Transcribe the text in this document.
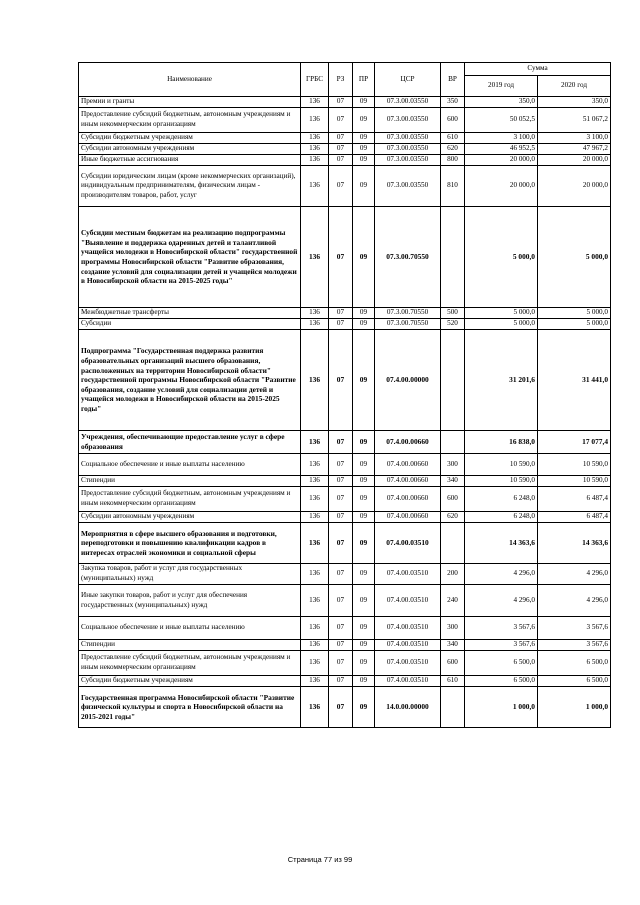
Наименование	ГРБС	РЗ	ПР	ЦСР	ВР	Сумма	
						2019 год	2020 год
Премии и гранты	136	07	09	07.3.00.03550	350	350,0	350,0
Предоставление субсидий бюджетным, автономным учреждениям и иным некоммерческим организациям	136	07	09	07.3.00.03550	600	50 052,5	51 067,2
Субсидии бюджетным учреждениям	136	07	09	07.3.00.03550	610	3 100,0	3 100,0
Субсидии автономным учреждениям	136	07	09	07.3.00.03550	620	46 952,5	47 967,2
Иные бюджетные ассигнования	136	07	09	07.3.00.03550	800	20 000,0	20 000,0
Субсидии юридическим лицам (кроме некоммерческих организаций), индивидуальным предпринимателям, физическим лицам - производителям товаров, работ, услуг	136	07	09	07.3.00.03550	810	20 000,0	20 000,0
Субсидии местным бюджетам на реализацию подпрограммы "Выявление и поддержка одаренных детей и талантливой учащейся молодежи в Новосибирской области" государственной программы Новосибирской области "Развитие образования, создание условий для социализации детей и учащейся молодежи в Новосибирской области на 2015-2025 годы"	136	07	09	07.3.00.70550		5 000,0	5 000,0
Межбюджетные трансферты	136	07	09	07.3.00.70550	500	5 000,0	5 000,0
Субсидии	136	07	09	07.3.00.70550	520	5 000,0	5 000,0
Подпрограмма "Государственная поддержка развития образовательных организаций высшего образования, расположенных на территории Новосибирской области" государственной программы Новосибирской области "Развитие образования, создание условий для социализации детей и учащейся молодежи в Новосибирской области на 2015-2025 годы"	136	07	09	07.4.00.00000		31 201,6	31 441,0
Учреждения, обеспечивающие предоставление услуг в сфере образования	136	07	09	07.4.00.00660		16 838,0	17 077,4
Социальное обеспечение и иные выплаты населению	136	07	09	07.4.00.00660	300	10 590,0	10 590,0
Стипендии	136	07	09	07.4.00.00660	340	10 590,0	10 590,0
Предоставление субсидий бюджетным, автономным учреждениям и иным некоммерческим организациям	136	07	09	07.4.00.00660	600	6 248,0	6 487,4
Субсидии автономным учреждениям	136	07	09	07.4.00.00660	620	6 248,0	6 487,4
Мероприятия в сфере высшего образования и подготовки, переподготовки и повышению квалификации кадров в интересах отраслей экономики и социальной сферы	136	07	09	07.4.00.03510		14 363,6	14 363,6
Закупка товаров, работ и услуг для государственных (муниципальных) нужд	136	07	09	07.4.00.03510	200	4 296,0	4 296,0
Иные закупки товаров, работ и услуг для обеспечения государственных (муниципальных) нужд	136	07	09	07.4.00.03510	240	4 296,0	4 296,0
Социальное обеспечение и иные выплаты населению	136	07	09	07.4.00.03510	300	3 567,6	3 567,6
Стипендии	136	07	09	07.4.00.03510	340	3 567,6	3 567,6
Предоставление субсидий бюджетным, автономным учреждениям и иным некоммерческим организациям	136	07	09	07.4.00.03510	600	6 500,0	6 500,0
Субсидии бюджетным учреждениям	136	07	09	07.4.00.03510	610	6 500,0	6 500,0
Государственная программа Новосибирской области "Развитие физической культуры и спорта в Новосибирской области на 2015-2021 годы"	136	07	09	14.0.00.00000		1 000,0	1 000,0
Страница 77 из 99
